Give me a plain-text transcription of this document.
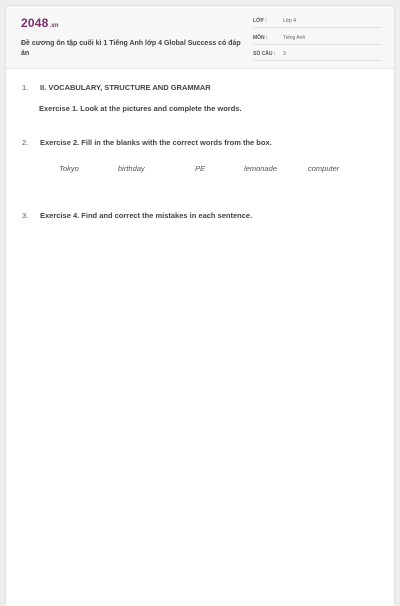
2048.vn
Đề cương ôn tập cuối kì 1 Tiếng Anh lớp 4 Global Success có đáp án
LỚP :	Lớp 4
MÔN :	Tiếng Anh
SỐ CÂU : 3
1. II. VOCABULARY, STRUCTURE AND GRAMMAR
Exercise 1. Look at the pictures and complete the words.
2. Exercise 2. Fill in the blanks with the correct words from the box.
Tokyo	birthday	PE	lemonade	computer
3. Exercise 4. Find and correct the mistakes in each sentence.
